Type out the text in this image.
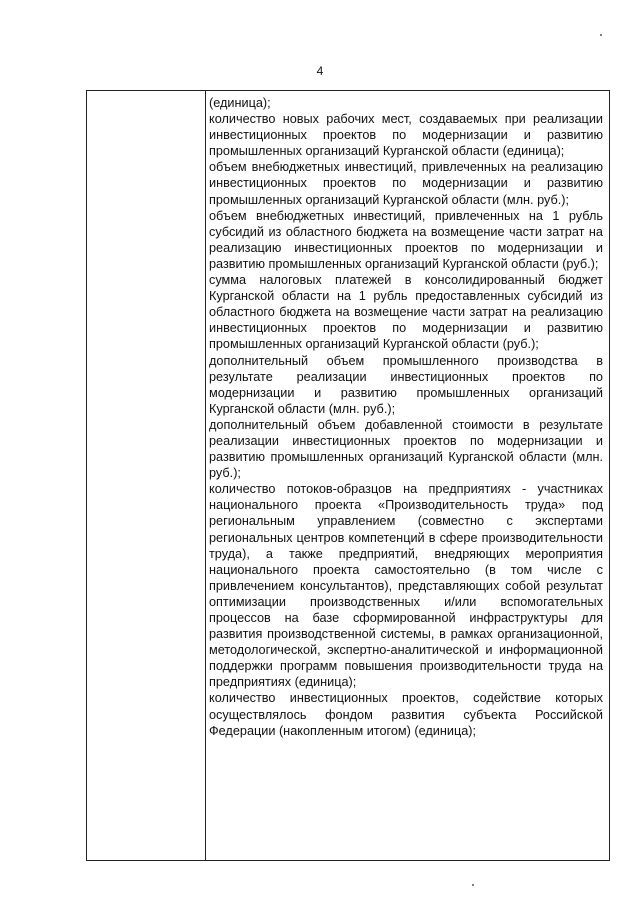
4

(единица);

количество новых рабочих мест, создаваемых при реализации инвестиционных проектов по модернизации и развитию промышленных организаций Курганской области (единица);

объем внебюджетных инвестиций, привлеченных на реализацию инвестиционных проектов по модернизации и развитию промышленных организаций Курганской области (млн. руб.);

объем внебюджетных инвестиций, привлеченных на 1 рубль субсидий из областного бюджета на возмещение части затрат на реализацию инвестиционных проектов по модернизации и развитию промышленных организаций Курганской области (руб.);

сумма налоговых платежей в консолидированный бюджет Курганской области на 1 рубль предоставленных субсидий из областного бюджета на возмещение части затрат на реализацию инвестиционных проектов по модернизации и развитию промышленных организаций Курганской области (руб.);

дополнительный объем промышленного производства в результате реализации инвестиционных проектов по модернизации и развитию промышленных организаций Курганской области (млн. руб.);

дополнительный объем добавленной стоимости в результате реализации инвестиционных проектов по модернизации и развитию промышленных организаций Курганской области (млн. руб.);

количество потоков-образцов на предприятиях - участниках национального проекта «Производительность труда» под региональным управлением (совместно с экспертами региональных центров компетенций в сфере производительности труда), а также предприятий, внедряющих мероприятия национального проекта самостоятельно (в том числе с привлечением консультантов), представляющих собой результат оптимизации производственных и/или вспомогательных процессов на базе сформированной инфраструктуры для развития производственной системы, в рамках организационной, методологической, экспертно-аналитической и информационной поддержки программ повышения производительности труда на предприятиях (единица);

количество инвестиционных проектов, содействие которых осуществлялось фондом развития субъекта Российской Федерации (накопленным итогом) (единица);
